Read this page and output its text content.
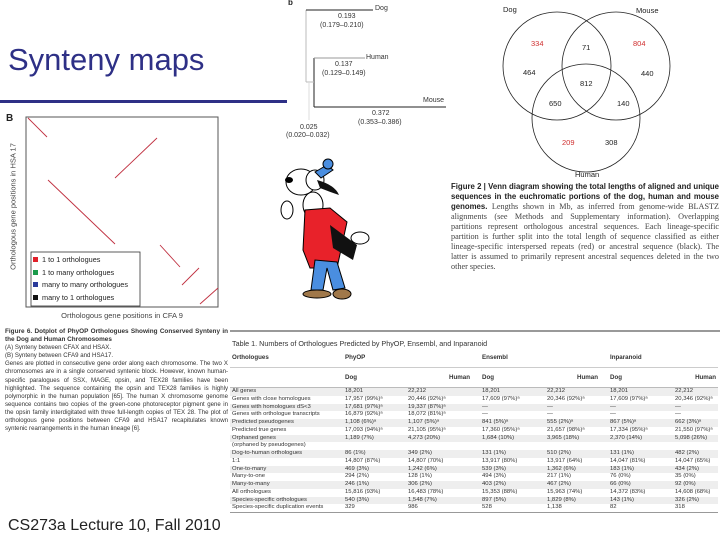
Synteny maps
B
Orthologous gene positions in HSA 17	1 to 1 orthologues
1 to many orthologues
many to many orthologues
many to 1 orthologues
Orthologous gene positions in CFA 9
Figure 6. Dotplot of PhyOP Orthologues Showing Conserved Synteny in the Dog and Human Chromosomes
(A) Synteny between CFAX and HSAX.
(B) Synteny between CFA9 and HSA17.
Genes are plotted in consecutive gene order along each chromosome. The two X chromosomes are in a single conserved syntenic block. However, known human-specific paralogues of SSX, MAGE, opsin, and TEX28 families have been highlighted. The sequence containing the opsin and TEX28 families is highly polymorphic in the human population [65]. The human X chromosome genome sequence contains two copies of the green-cone photoreceptor pigment gene in the opsin family interdigitated with three full-length copies of TEX 28. The plot of orthologous gene positions between CFA9 and HSA17 recapitulates known syntenic rearrangements in the human lineage [6].
b
Dog
0.193
(0.179–0.210)
Human
0.137
(0.129–0.149)
Mouse
0.372
(0.353–0.386)
0.025
(0.020–0.032)
Dog	Mouse
Human
334	71	804
464	440
812
650	140
209	308
Figure 2 | Venn diagram showing the total lengths of aligned and unique sequences in the euchromatic portions of the dog, human and mouse genomes. Lengths shown in Mb, as inferred from genome-wide BLASTZ alignments (see Methods and Supplementary information). Overlapping partitions represent orthologous ancestral sequences. Each lineage-specific partition is further split into the total length of sequence classified as either lineage-specific interspersed repeats (red) or ancestral sequence (black). The latter is assumed to primarily represent ancestral sequences deleted in the two other species.
Table 1. Numbers of Orthologues Predicted by PhyOP, Ensembl, and Inparanoid
Orthologues	PhyOP		Ensembl		Inparanoid	
	Dog	Human	Dog	Human	Dog	Human
All genes	18,201	22,212	18,201	22,212	18,201	22,212
Genes with close homologues	17,957 (99%)ᵃ	20,446 (92%)ᵃ	17,609 (97%)ᵃ	20,346 (92%)ᵃ	17,609 (97%)ᵃ	20,346 (92%)ᵃ
Genes with homologues dS<3	17,681 (97%)ᵃ	19,337 (87%)ᵃ	—	—	—	—
Genes with orthologue transcripts	16,879 (92%)ᵃ	18,072 (81%)ᵃ	—	—	—	—
Predicted pseudogenes	1,108 (6%)ᵃ	1,107 (5%)ᵃ	841 (5%)ᵃ	555 (2%)ᵃ	867 (5%)ᵃ	662 (3%)ᵃ
Predicted true genes	17,093 (94%)ᵃ	21,105 (95%)ᵃ	17,360 (95%)ᵃ	21,657 (98%)ᵃ	17,334 (95%)ᵃ	21,550 (97%)ᵃ
Orphaned genes	1,189 (7%)	4,273 (20%)	1,684 (10%)	3,965 (18%)	2,370 (14%)	5,098 (26%)
(orphaned by pseudogenes)						
Dog-to-human orthologues	86 (1%)	349 (2%)	131 (1%)	510 (2%)	131 (1%)	482 (2%)
1:1	14,807 (87%)	14,807 (70%)	13,917 (80%)	13,917 (64%)	14,047 (81%)	14,047 (65%)
One-to-many	469 (3%)	1,242 (6%)	539 (3%)	1,362 (6%)	183 (1%)	434 (2%)
Many-to-one	294 (2%)	128 (1%)	494 (3%)	217 (1%)	76 (0%)	35 (0%)
Many-to-many	246 (1%)	306 (2%)	403 (2%)	467 (2%)	66 (0%)	92 (0%)
All orthologues	15,816 (93%)	16,483 (78%)	15,353 (88%)	15,963 (74%)	14,372 (83%)	14,608 (68%)
Species-specific orthologues	540 (3%)	1,548 (7%)	897 (5%)	1,829 (8%)	143 (1%)	326 (2%)
Species-specific duplication events	329	986	528	1,138	82	318
CS273a Lecture 10, Fall 2010
